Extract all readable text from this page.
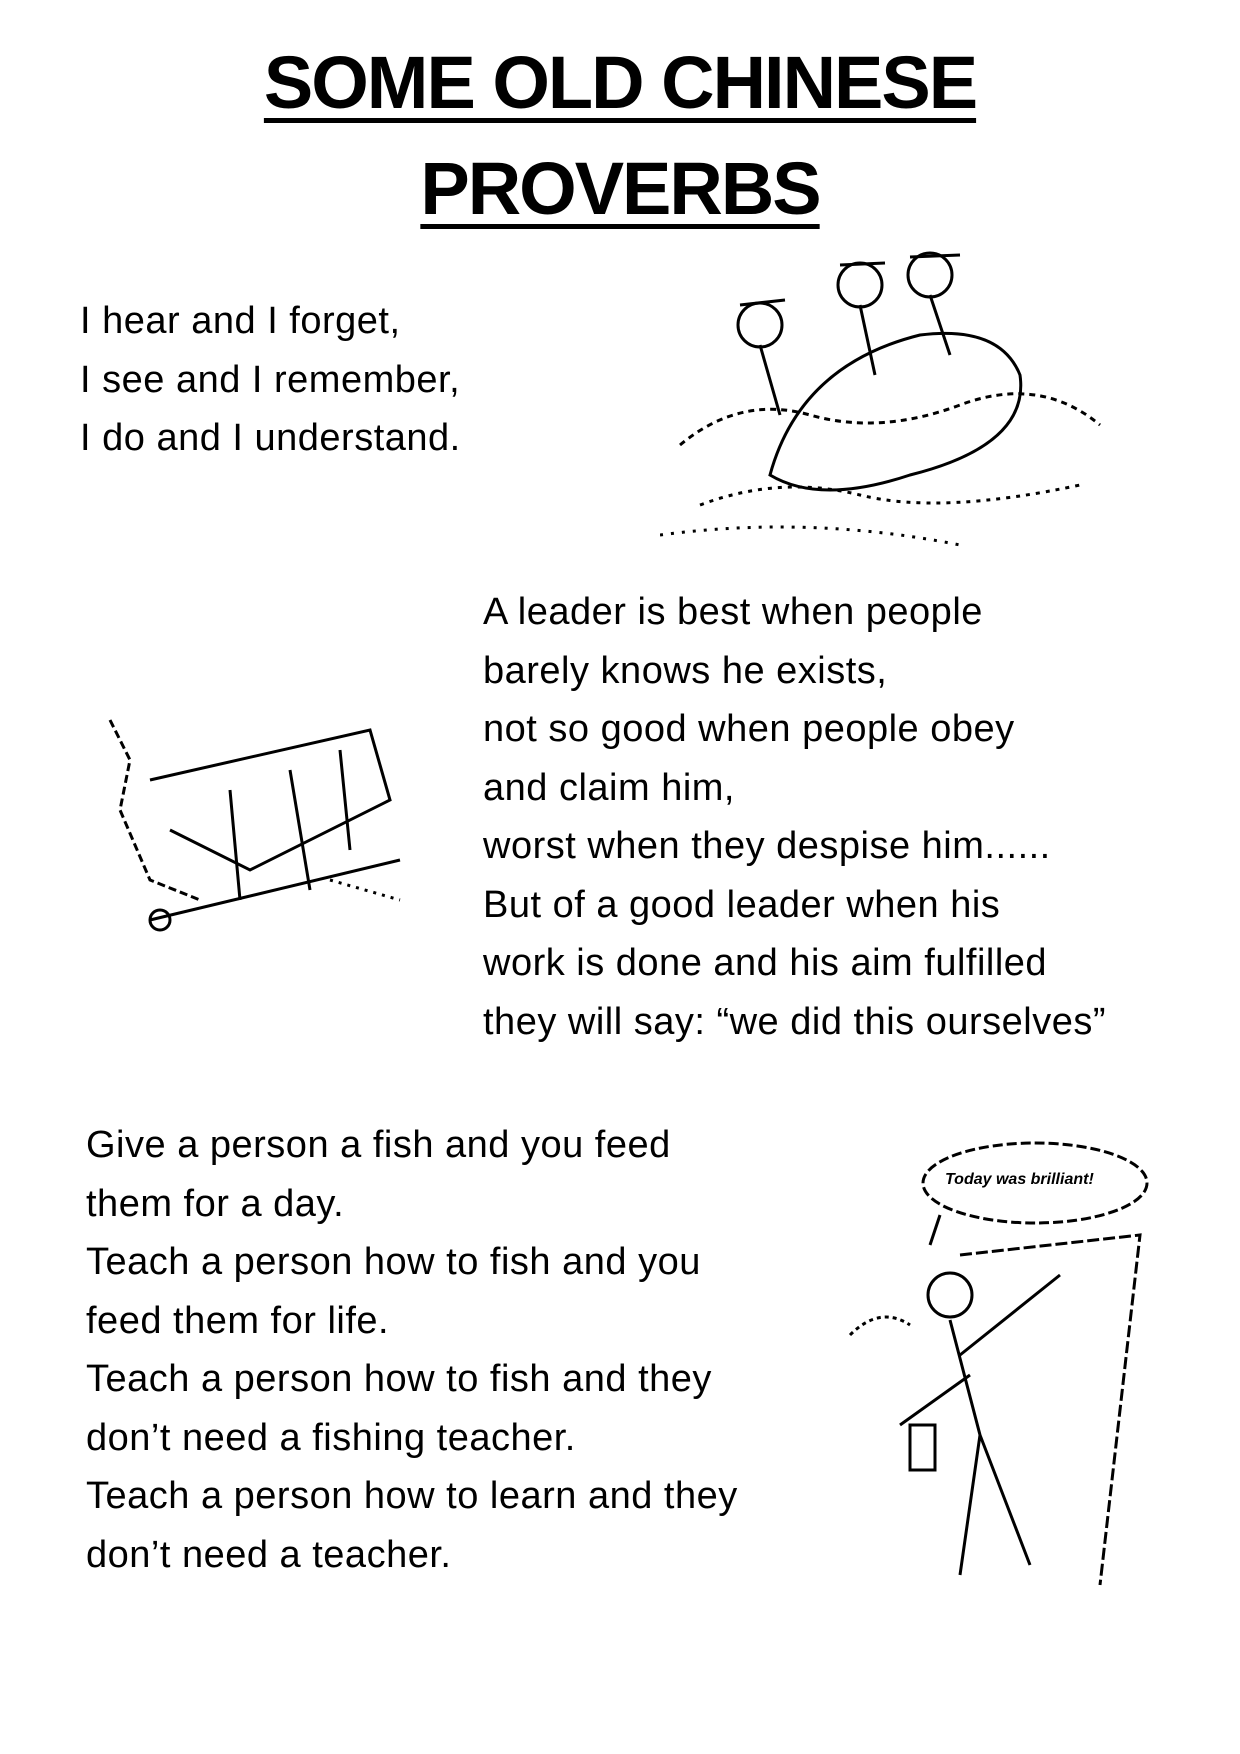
SOME OLD CHINESE
PROVERBS
I hear and I forget,
I see and I remember,
I do and I understand.
A leader is best when people
barely knows he exists,
not so good when people obey
and claim him,
worst when they despise him......
But of a good leader when his
work is done and his aim fulfilled
they will say: “we did this ourselves”
Give a person a fish and you feed
them for a day.
Teach a person how to fish and you
feed them for life.
Teach a person how to fish and they
don’t need a fishing teacher.
Teach a person how to learn and they
don’t need a teacher.
Today was brilliant!
